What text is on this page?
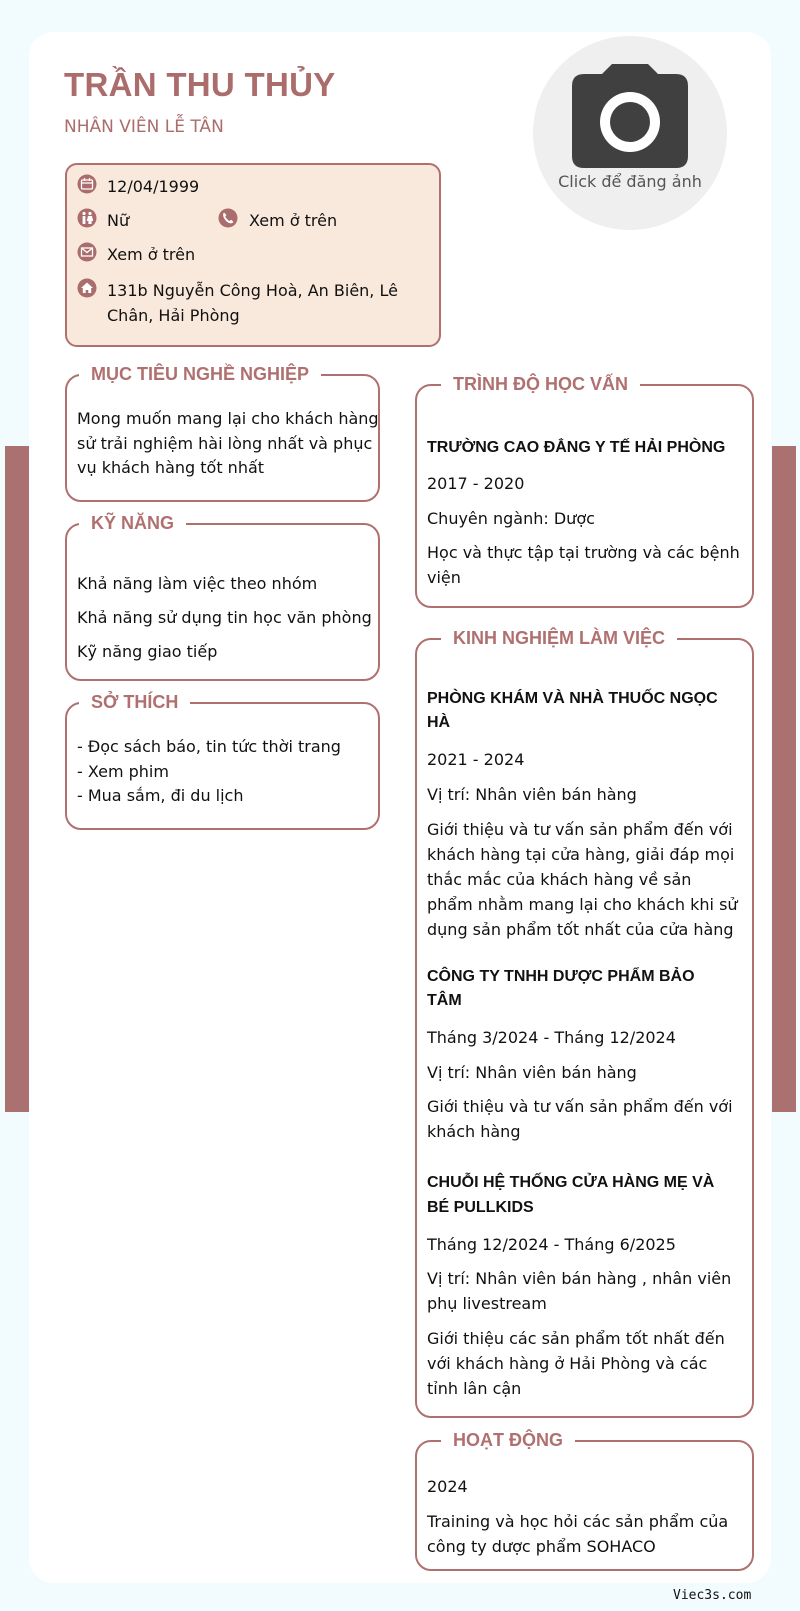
TRẦN THU THỦY
NHÂN VIÊN LỄ TÂN
Click để đăng ảnh
12/04/1999
Nữ	Xem ở trên
Xem ở trên
131b Nguyễn Công Hoà, An Biên, Lê
Chân, Hải Phòng
MỤC TIÊU NGHỀ NGHIỆP
Mong muốn mang lại cho khách hàng
sử trải nghiệm hài lòng nhất và phục
vụ khách hàng tốt nhất
KỸ NĂNG
Khả năng làm việc theo nhóm
Khả năng sử dụng tin học văn phòng
Kỹ năng giao tiếp
SỞ THÍCH
- Đọc sách báo, tin tức thời trang
- Xem phim
- Mua sắm, đi du lịch
TRÌNH ĐỘ HỌC VẤN
TRƯỜNG CAO ĐẲNG Y TẾ HẢI PHÒNG
2017 - 2020
Chuyên ngành: Dược
Học và thực tập tại trường và các bệnh
viện
KINH NGHIỆM LÀM VIỆC
PHÒNG KHÁM VÀ NHÀ THUỐC NGỌC
HÀ
2021 - 2024
Vị trí: Nhân viên bán hàng
Giới thiệu và tư vấn sản phẩm đến với
khách hàng tại cửa hàng, giải đáp mọi
thắc mắc của khách hàng về sản
phẩm nhằm mang lại cho khách khi sử
dụng sản phẩm tốt nhất của cửa hàng
CÔNG TY TNHH DƯỢC PHẨM BẢO
TÂM
Tháng 3/2024 - Tháng 12/2024
Vị trí: Nhân viên bán hàng
Giới thiệu và tư vấn sản phẩm đến với
khách hàng
CHUỖI HỆ THỐNG CỬA HÀNG MẸ VÀ
BÉ PULLKIDS
Tháng 12/2024 - Tháng 6/2025
Vị trí: Nhân viên bán hàng , nhân viên
phụ livestream
Giới thiệu các sản phẩm tốt nhất đến
với khách hàng ở Hải Phòng và các
tỉnh lân cận
HOẠT ĐỘNG
2024
Training và học hỏi các sản phẩm của
công ty dược phẩm SOHACO
Viec3s.com
